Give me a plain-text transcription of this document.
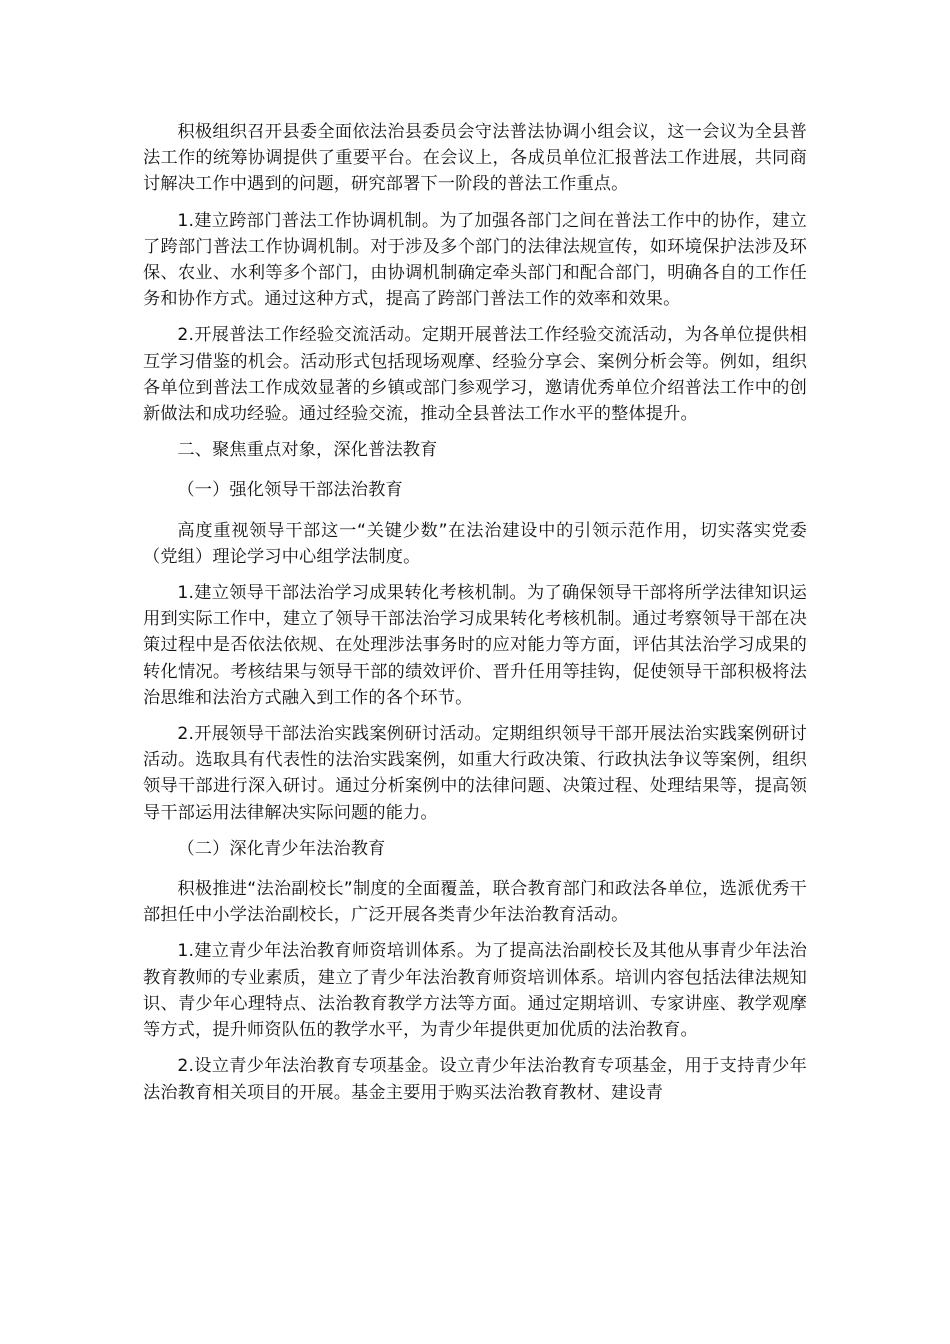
积极组织召开县委全面依法治县委员会守法普法协调小组会议，这一会议为全县普法工作的统筹协调提供了重要平台。在会议上，各成员单位汇报普法工作进展，共同商讨解决工作中遇到的问题，研究部署下一阶段的普法工作重点。

1.建立跨部门普法工作协调机制。为了加强各部门之间在普法工作中的协作，建立了跨部门普法工作协调机制。对于涉及多个部门的法律法规宣传，如环境保护法涉及环保、农业、水利等多个部门，由协调机制确定牵头部门和配合部门，明确各自的工作任务和协作方式。通过这种方式，提高了跨部门普法工作的效率和效果。

2.开展普法工作经验交流活动。定期开展普法工作经验交流活动，为各单位提供相互学习借鉴的机会。活动形式包括现场观摩、经验分享会、案例分析会等。例如，组织各单位到普法工作成效显著的乡镇或部门参观学习，邀请优秀单位介绍普法工作中的创新做法和成功经验。通过经验交流，推动全县普法工作水平的整体提升。

二、聚焦重点对象，深化普法教育

（一）强化领导干部法治教育

高度重视领导干部这一“关键少数”在法治建设中的引领示范作用，切实落实党委（党组）理论学习中心组学法制度。

1.建立领导干部法治学习成果转化考核机制。为了确保领导干部将所学法律知识运用到实际工作中，建立了领导干部法治学习成果转化考核机制。通过考察领导干部在决策过程中是否依法依规、在处理涉法事务时的应对能力等方面，评估其法治学习成果的转化情况。考核结果与领导干部的绩效评价、晋升任用等挂钩，促使领导干部积极将法治思维和法治方式融入到工作的各个环节。

2.开展领导干部法治实践案例研讨活动。定期组织领导干部开展法治实践案例研讨活动。选取具有代表性的法治实践案例，如重大行政决策、行政执法争议等案例，组织领导干部进行深入研讨。通过分析案例中的法律问题、决策过程、处理结果等，提高领导干部运用法律解决实际问题的能力。

（二）深化青少年法治教育

积极推进“法治副校长”制度的全面覆盖，联合教育部门和政法各单位，选派优秀干部担任中小学法治副校长，广泛开展各类青少年法治教育活动。

1.建立青少年法治教育师资培训体系。为了提高法治副校长及其他从事青少年法治教育教师的专业素质，建立了青少年法治教育师资培训体系。培训内容包括法律法规知识、青少年心理特点、法治教育教学方法等方面。通过定期培训、专家讲座、教学观摩等方式，提升师资队伍的教学水平，为青少年提供更加优质的法治教育。

2.设立青少年法治教育专项基金。设立青少年法治教育专项基金，用于支持青少年法治教育相关项目的开展。基金主要用于购买法治教育教材、建设青
